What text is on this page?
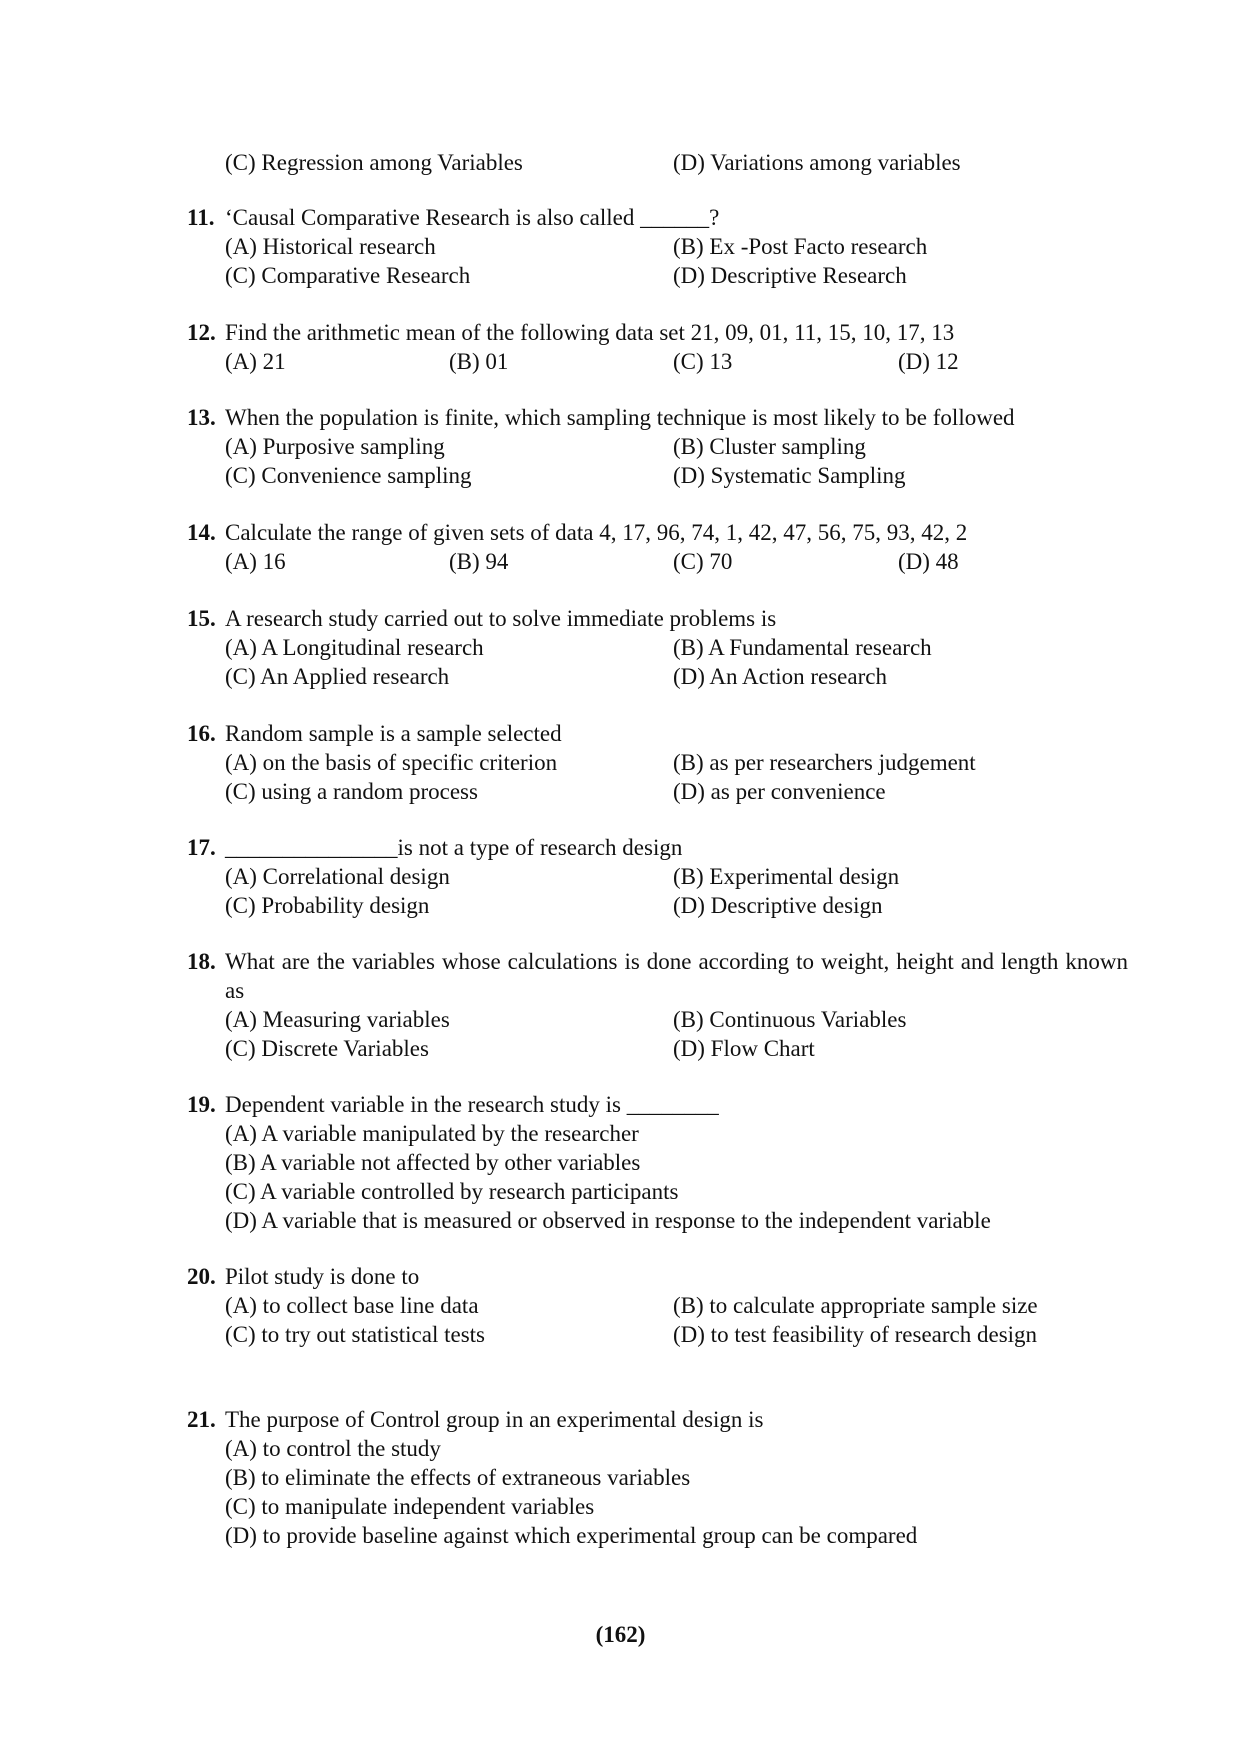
(C) Regression among Variables	(D) Variations among variables
11. ‘Causal Comparative Research is also called ______?
(A) Historical research	(B) Ex -Post Facto research
(C) Comparative Research	(D) Descriptive Research
12. Find the arithmetic mean of the following data set 21, 09, 01, 11, 15, 10, 17, 13
(A) 21	(B) 01	(C) 13	(D) 12
13. When the population is finite, which sampling technique is most likely to be followed
(A) Purposive sampling	(B) Cluster sampling
(C) Convenience sampling	(D) Systematic Sampling
14. Calculate the range of given sets of data 4, 17, 96, 74, 1, 42, 47, 56, 75, 93, 42, 2
(A) 16	(B) 94	(C) 70	(D) 48
15. A research study carried out to solve immediate problems is
(A) A Longitudinal research	(B) A Fundamental research
(C) An Applied research	(D) An Action research
16. Random sample is a sample selected
(A) on the basis of specific criterion	(B) as per researchers judgement
(C) using a random process	(D) as per convenience
17. _______________is not a type of research design
(A) Correlational design	(B) Experimental design
(C) Probability design	(D) Descriptive design
18. What are the variables whose calculations is done according to weight, height and length known as
(A) Measuring variables	(B) Continuous Variables
(C) Discrete Variables	(D) Flow Chart
19. Dependent variable in the research study is ________
(A) A variable manipulated by the researcher
(B) A variable not affected by other variables
(C) A variable controlled by research participants
(D) A variable that is measured or observed in response to the independent variable
20. Pilot study is done to
(A) to collect base line data	(B) to calculate appropriate sample size
(C) to try out statistical tests	(D) to test feasibility of research design
21. The purpose of Control group in an experimental design is
(A) to control the study
(B) to eliminate the effects of extraneous variables
(C) to manipulate independent variables
(D) to provide baseline against which experimental group can be compared
(162)
